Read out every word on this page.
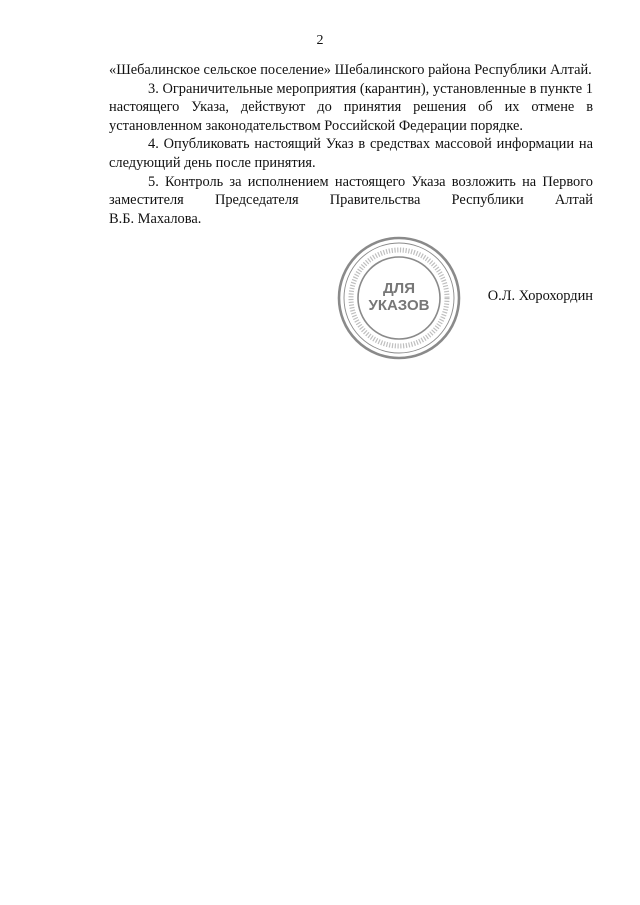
2

«Шебалинское сельское поселение» Шебалинского района Республики Алтай.

3. Ограничительные мероприятия (карантин), установленные в пункте 1 настоящего Указа, действуют до принятия решения об их отмене в установленном законодательством Российской Федерации порядке.

4. Опубликовать настоящий Указ в средствах массовой информации на следующий день после принятия.

5. Контроль за исполнением настоящего Указа возложить на Первого
заместителя Председателя Правительства Республики Алтай
В.Б. Махалова.
ДЛЯ
УКАЗОВ
О.Л. Хорохордин
